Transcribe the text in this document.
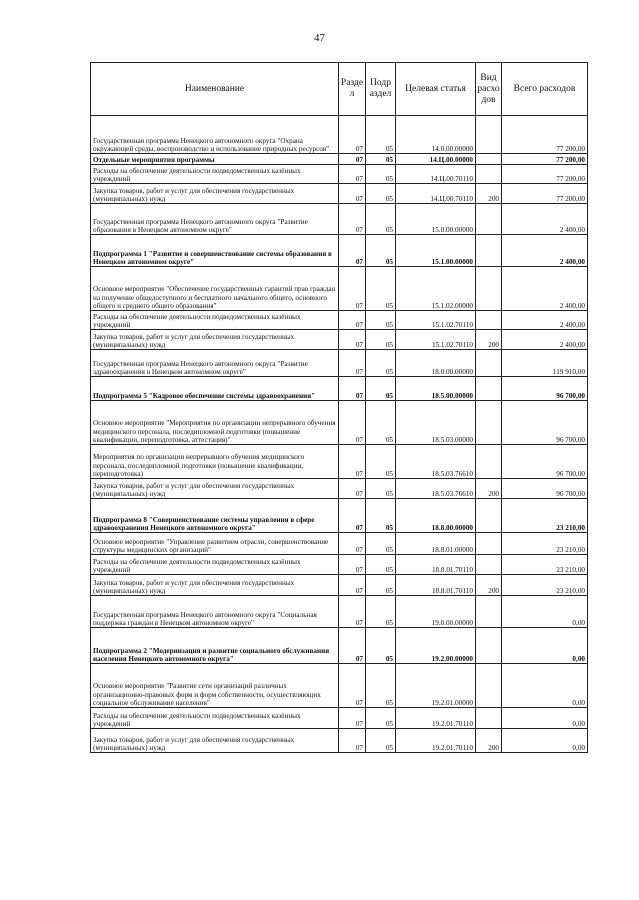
47
Наименование	Разде л	Подр аздел	Целевая статья	Вид расхо дов	Всего расходов
Государственная программа Ненецкого автономного округа "Охрана окружающей среды, воспроизводство и использование природных ресурсов"	07	05	14.0.00.00000		77 200,00
Отдельные мероприятия программы	07	05	14.Ц.00.00000		77 200,00
Расходы на обеспечение деятельности подведомственных казённых учреждений	07	05	14.Ц.00.70110		77 200,00
Закупка товаров, работ и услуг для обеспечения государственных (муниципальных) нужд	07	05	14.Ц.00.70110	200	77 200,00
Государственная программа Ненецкого автономного округа "Развитие образования в Ненецком автономном округе"	07	05	15.0.00.00000		2 400,00
Подпрограмма 1 "Развитие и совершенствование системы образования в Ненецком автономном округе"	07	05	15.1.00.00000		2 400,00
Основное мероприятие "Обеспечение государственных гарантий прав граждан на получение общедоступного и бесплатного начального общего, основного общего и среднего общего образования"	07	05	15.1.02.00000		2 400,00
Расходы на обеспечение деятельности подведомственных казённых учреждений	07	05	15.1.02.70110		2 400,00
Закупка товаров, работ и услуг для обеспечения государственных (муниципальных) нужд	07	05	15.1.02.70110	200	2 400,00
Государственная программа Ненецкого автономного округа "Развитие здравоохранения в Ненецком автономном округе"	07	05	18.0.00.00000		119 910,00
Подпрограмма 5 "Кадровое обеспечение системы здравоохранения"	07	05	18.5.00.00000		96 700,00
Основное мероприятие "Мероприятия по организации непрерывного обучения медицинского персонала, последипломной подготовки (повышение квалификации, переподготовка, аттестация)"	07	05	18.5.03.00000		96 700,00
Мероприятия по организации непрерывного обучения медицинского персонала, последипломной подготовки (повышение квалификации, переподготовка)	07	05	18.5.03.76610		96 700,00
Закупка товаров, работ и услуг для обеспечения государственных (муниципальных) нужд	07	05	18.5.03.76610	200	96 700,00
Подпрограмма 8 "Совершенствование системы управления в сфере здравоохранения Ненецкого автономного округа"	07	05	18.8.00.00000		23 210,00
Основное мероприятие "Управление развитием отрасли, совершенствование структуры медицинских организаций"	07	05	18.8.01.00000		23 210,00
Расходы на обеспечение деятельности подведомственных казённых учреждений	07	05	18.8.01.70110		23 210,00
Закупка товаров, работ и услуг для обеспечения государственных (муниципальных) нужд	07	05	18.8.01.70110	200	23 210,00
Государственная программа Ненецкого автономного округа "Социальная поддержка граждан в Ненецком автономном округе"	07	05	19.0.00.00000		0,00
Подпрограмма 2 "Модернизация и развитие социального обслуживания населения Ненецкого автономного округа"	07	05	19.2.00.00000		0,00
Основное мероприятие "Развитие сети организаций различных организационно-правовых форм и форм собственности, осуществляющих социальное обслуживание населения"	07	05	19.2.01.00000		0,00
Расходы на обеспечение деятельности подведомственных казённых учреждений	07	05	19.2.01.70110		0,00
Закупка товаров, работ и услуг для обеспечения государственных (муниципальных) нужд	07	05	19.2.01.70110	200	0,00
